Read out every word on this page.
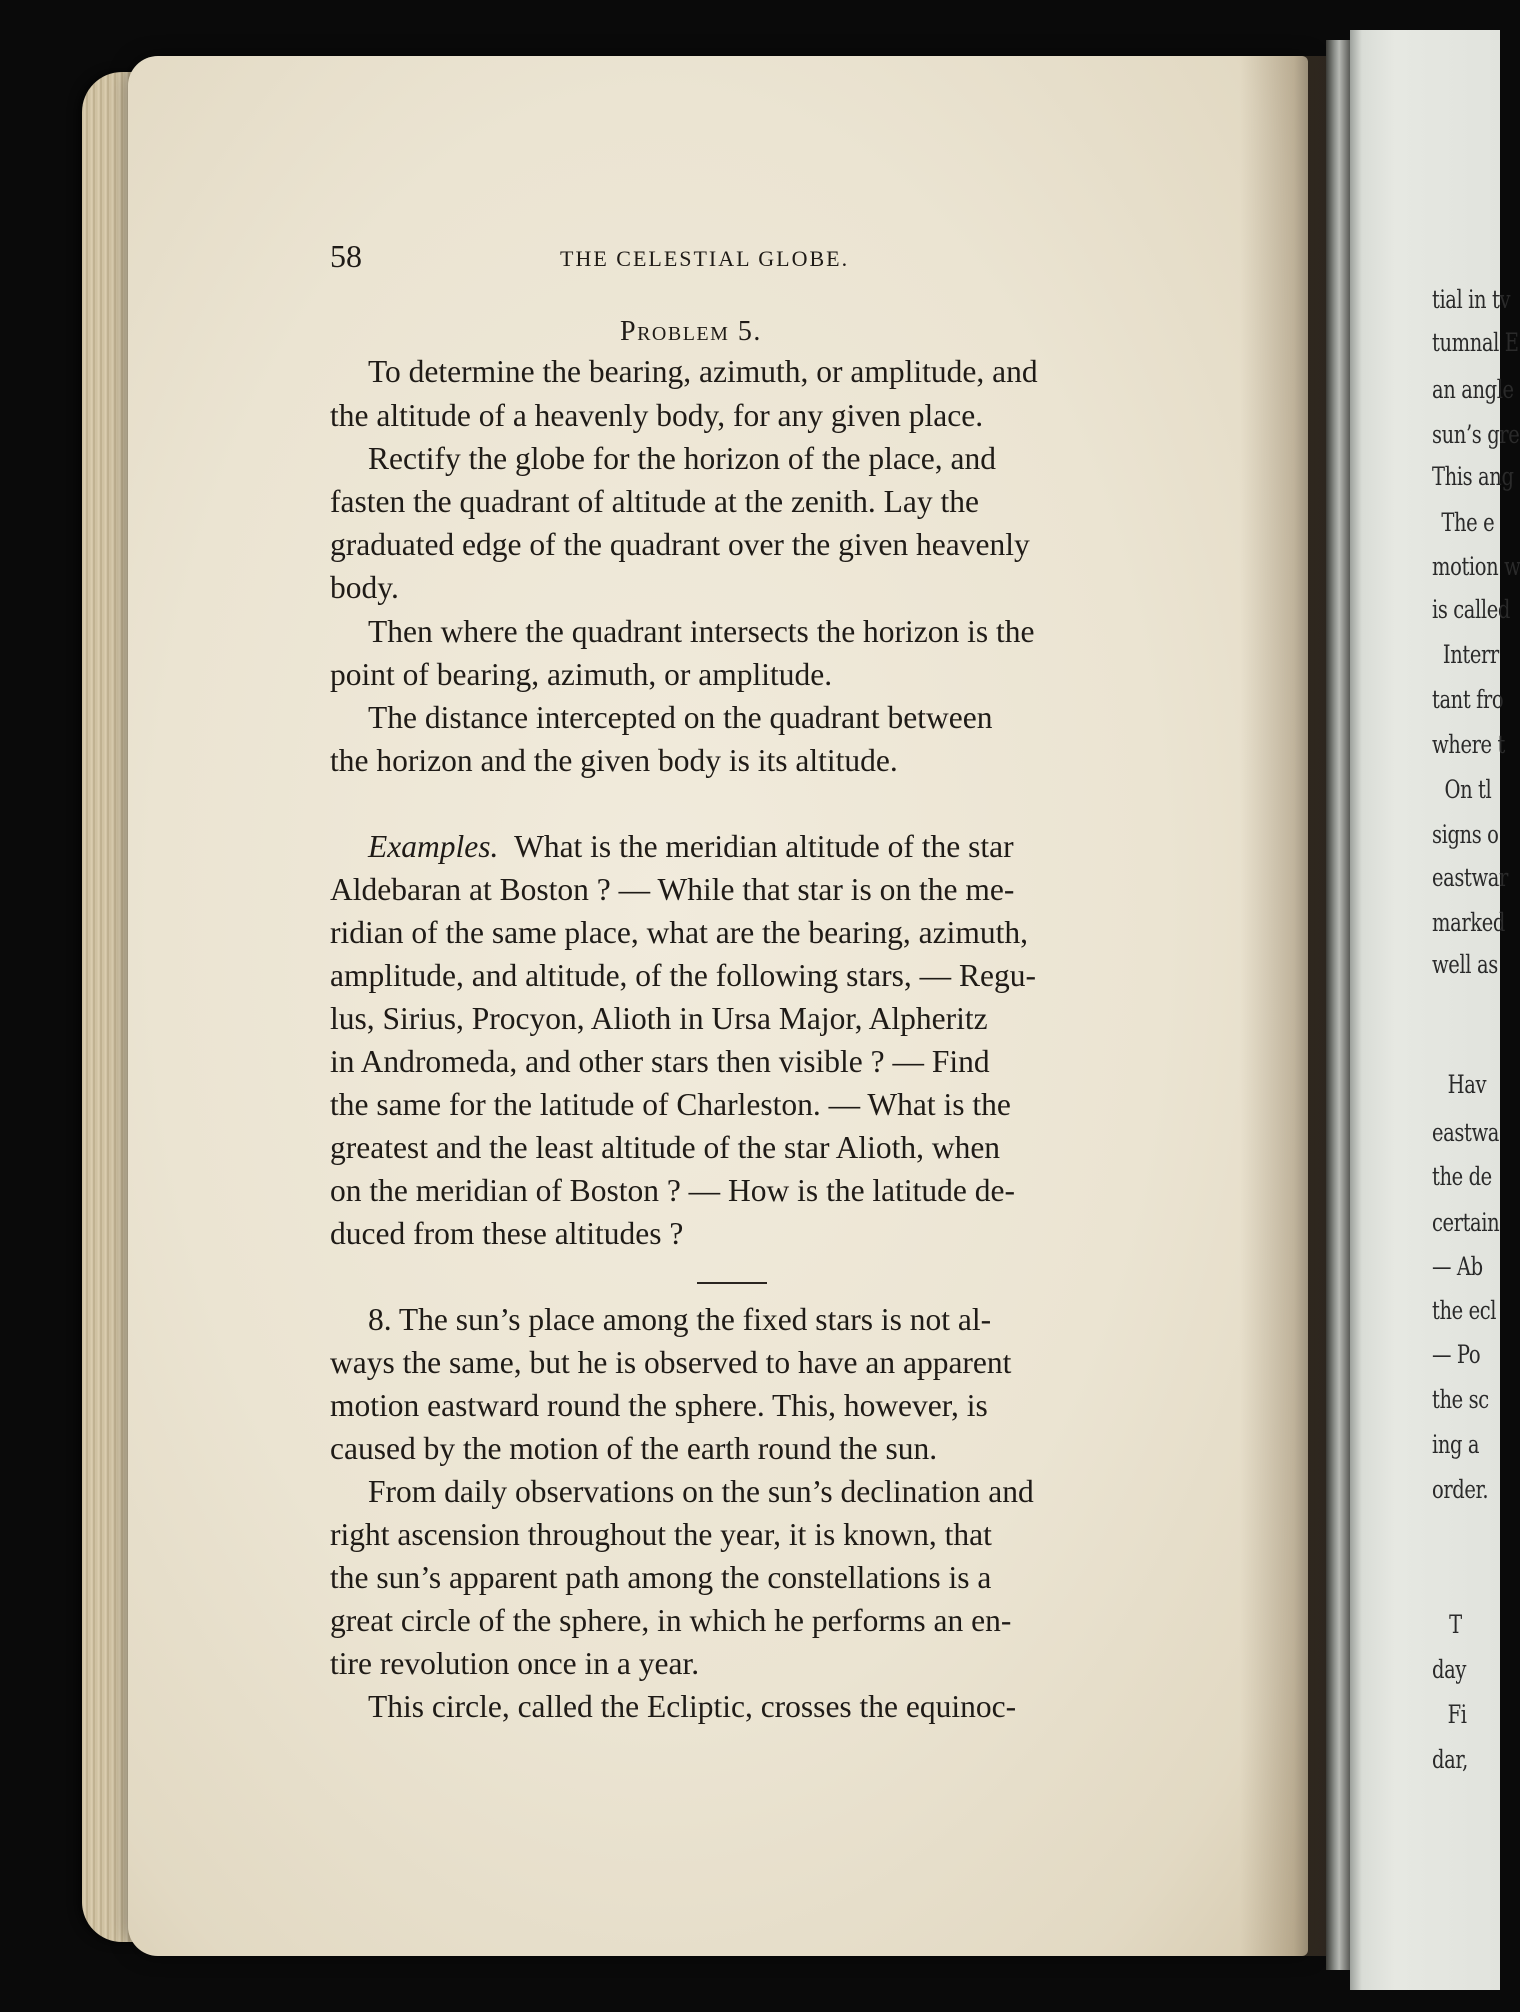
tial in tv
tumnal E
an angle
sun’s gre
This ang
The e
motion w
is called
Interr
tant fro
where t
On tl
signs o
eastwar
marked
well as
Hav
eastwa
the de
certain
— Ab
the ecl
— Po
the sc
ing a
order.
T
day
Fi
dar,
58	THE CELESTIAL GLOBE.
Problem 5.
To determine the bearing, azimuth, or amplitude, and
the altitude of a heavenly body, for any given place.
Rectify the globe for the horizon of the place, and
fasten the quadrant of altitude at the zenith. Lay the
graduated edge of the quadrant over the given heavenly
body.
Then where the quadrant intersects the horizon is the
point of bearing, azimuth, or amplitude.
The distance intercepted on the quadrant between
the horizon and the given body is its altitude.
Examples. What is the meridian altitude of the star
Aldebaran at Boston ? — While that star is on the me-
ridian of the same place, what are the bearing, azimuth,
amplitude, and altitude, of the following stars, — Regu-
lus, Sirius, Procyon, Alioth in Ursa Major, Alpheritz
in Andromeda, and other stars then visible ? — Find
the same for the latitude of Charleston. — What is the
greatest and the least altitude of the star Alioth, when
on the meridian of Boston ? — How is the latitude de-
duced from these altitudes ?
8. The sun’s place among the fixed stars is not al-
ways the same, but he is observed to have an apparent
motion eastward round the sphere. This, however, is
caused by the motion of the earth round the sun.
From daily observations on the sun’s declination and
right ascension throughout the year, it is known, that
the sun’s apparent path among the constellations is a
great circle of the sphere, in which he performs an en-
tire revolution once in a year.
This circle, called the Ecliptic, crosses the equinoc-
